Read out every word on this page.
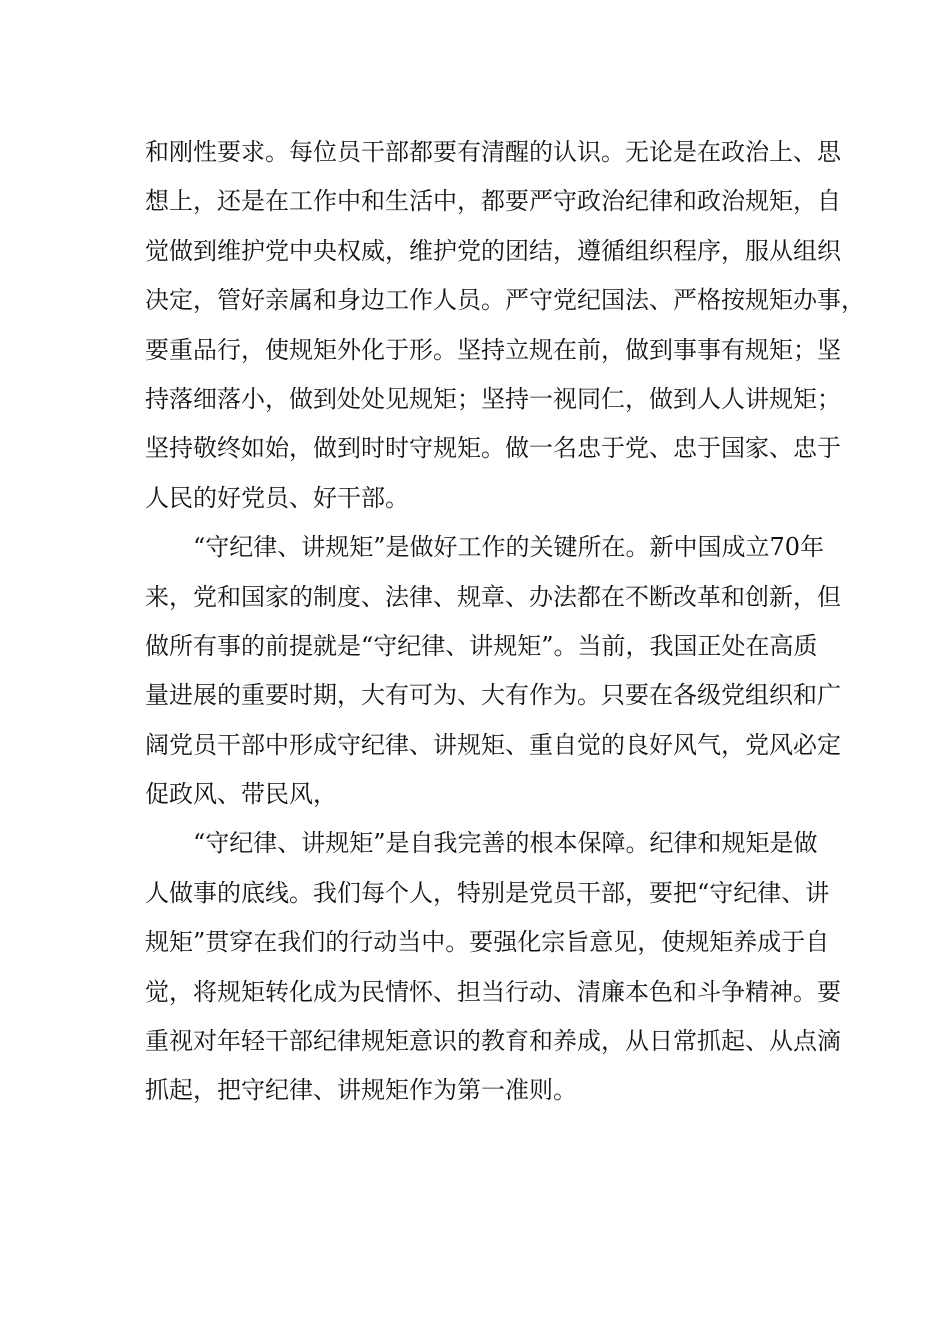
和刚性要求。每位员干部都要有清醒的认识。无论是在政治上、思
想上，还是在工作中和生活中，都要严守政治纪律和政治规矩，自
觉做到维护党中央权威，维护党的团结，遵循组织程序，服从组织
决定，管好亲属和身边工作人员。严守党纪国法、严格按规矩办事，
要重品行，使规矩外化于形。坚持立规在前，做到事事有规矩；坚
持落细落小，做到处处见规矩；坚持一视同仁，做到人人讲规矩；
坚持敬终如始，做到时时守规矩。做一名忠于党、忠于国家、忠于
人民的好党员、好干部。
“守纪律、讲规矩”是做好工作的关键所在。新中国成立70年
来，党和国家的制度、法律、规章、办法都在不断改革和创新，但
做所有事的前提就是“守纪律、讲规矩”。当前，我国正处在高质
量进展的重要时期，大有可为、大有作为。只要在各级党组织和广
阔党员干部中形成守纪律、讲规矩、重自觉的良好风气，党风必定
促政风、带民风，
“守纪律、讲规矩”是自我完善的根本保障。纪律和规矩是做
人做事的底线。我们每个人，特别是党员干部，要把“守纪律、讲
规矩”贯穿在我们的行动当中。要强化宗旨意见，使规矩养成于自
觉，将规矩转化成为民情怀、担当行动、清廉本色和斗争精神。要
重视对年轻干部纪律规矩意识的教育和养成，从日常抓起、从点滴
抓起，把守纪律、讲规矩作为第一准则。
